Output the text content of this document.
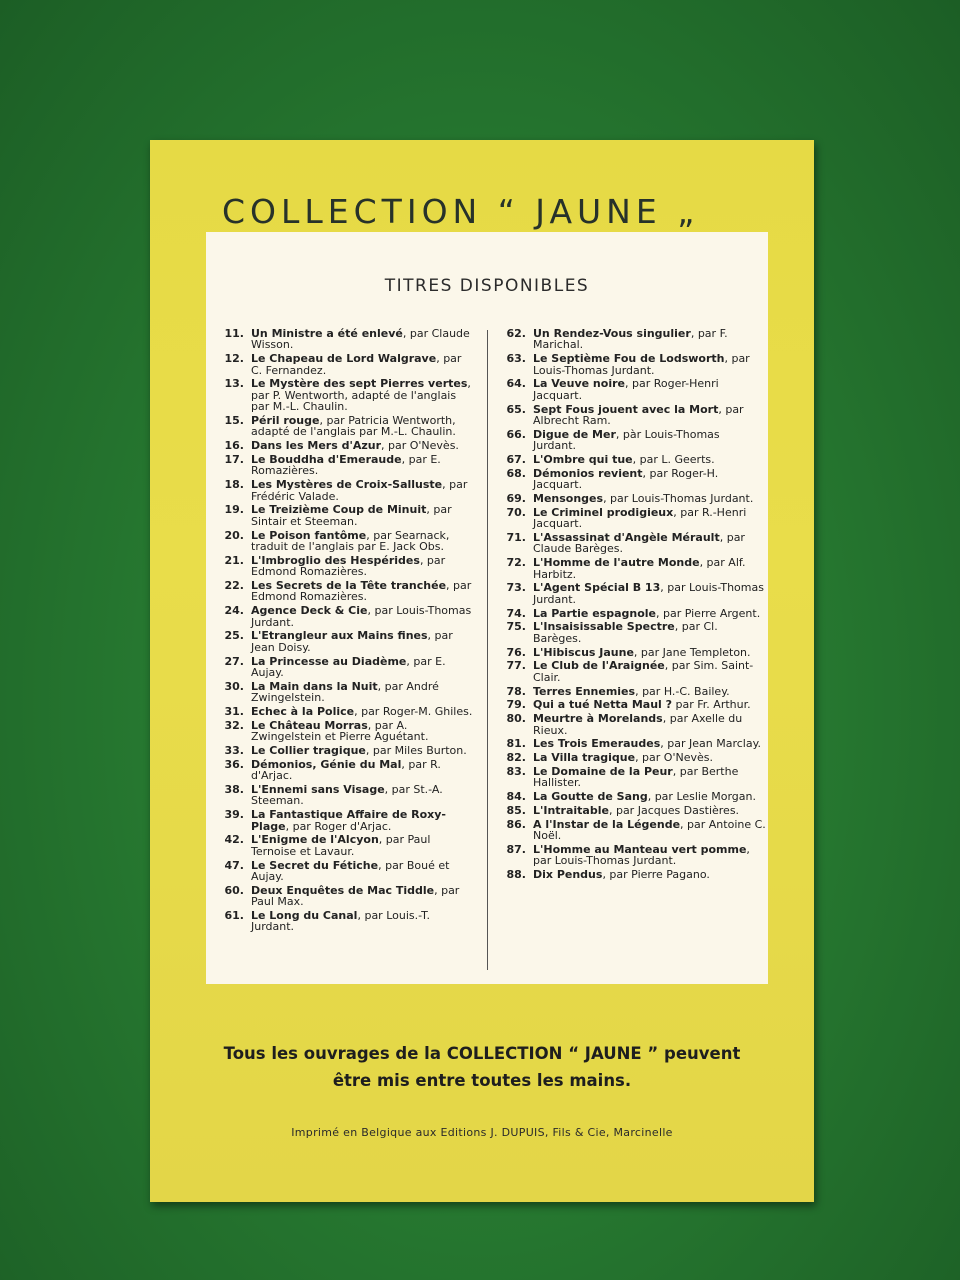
COLLECTION “ JAUNE „
TITRES DISPONIBLES
11. Un Ministre a été enlevé, par Claude Wisson.
12. Le Chapeau de Lord Walgrave, par C. Fernandez.
13. Le Mystère des sept Pierres vertes, par P. Wentworth, adapté de l'anglais par M.-L. Chaulin.
15. Péril rouge, par Patricia Wentworth, adapté de l'anglais par M.-L. Chaulin.
16. Dans les Mers d'Azur, par O'Nevès.
17. Le Bouddha d'Emeraude, par E. Romazières.
18. Les Mystères de Croix-Salluste, par Frédéric Valade.
19. Le Treizième Coup de Minuit, par Sintair et Steeman.
20. Le Poison fantôme, par Searnack, traduit de l'anglais par E. Jack Obs.
21. L'Imbroglio des Hespérides, par Edmond Romazières.
22. Les Secrets de la Tête tranchée, par Edmond Romazières.
24. Agence Deck & Cie, par Louis-Thomas Jurdant.
25. L'Etrangleur aux Mains fines, par Jean Doisy.
27. La Princesse au Diadème, par E. Aujay.
30. La Main dans la Nuit, par André Zwingelstein.
31. Echec à la Police, par Roger-M. Ghiles.
32. Le Château Morras, par A. Zwingelstein et Pierre Aguétant.
33. Le Collier tragique, par Miles Burton.
36. Démonios, Génie du Mal, par R. d'Arjac.
38. L'Ennemi sans Visage, par St.-A. Steeman.
39. La Fantastique Affaire de Roxy-Plage, par Roger d'Arjac.
42. L'Enigme de l'Alcyon, par Paul Ternoise et Lavaur.
47. Le Secret du Fétiche, par Boué et Aujay.
60. Deux Enquêtes de Mac Tiddle, par Paul Max.
61. Le Long du Canal, par Louis.-T. Jurdant.
62. Un Rendez-Vous singulier, par F. Marichal.
63. Le Septième Fou de Lodsworth, par Louis-Thomas Jurdant.
64. La Veuve noire, par Roger-Henri Jacquart.
65. Sept Fous jouent avec la Mort, par Albrecht Ram.
66. Digue de Mer, pàr Louis-Thomas Jurdant.
67. L'Ombre qui tue, par L. Geerts.
68. Démonios revient, par Roger-H. Jacquart.
69. Mensonges, par Louis-Thomas Jurdant.
70. Le Criminel prodigieux, par R.-Henri Jacquart.
71. L'Assassinat d'Angèle Mérault, par Claude Barèges.
72. L'Homme de l'autre Monde, par Alf. Harbitz.
73. L'Agent Spécial B 13, par Louis-Thomas Jurdant.
74. La Partie espagnole, par Pierre Argent.
75. L'Insaisissable Spectre, par Cl. Barèges.
76. L'Hibiscus Jaune, par Jane Templeton.
77. Le Club de l'Araignée, par Sim. Saint-Clair.
78. Terres Ennemies, par H.-C. Bailey.
79. Qui a tué Netta Maul ? par Fr. Arthur.
80. Meurtre à Morelands, par Axelle du Rieux.
81. Les Trois Emeraudes, par Jean Marclay.
82. La Villa tragique, par O'Nevès.
83. Le Domaine de la Peur, par Berthe Hallister.
84. La Goutte de Sang, par Leslie Morgan.
85. L'Intraitable, par Jacques Dastières.
86. A l'Instar de la Légende, par Antoine C. Noël.
87. L'Homme au Manteau vert pomme, par Louis-Thomas Jurdant.
88. Dix Pendus, par Pierre Pagano.
Tous les ouvrages de la COLLECTION “ JAUNE ” peuvent
être mis entre toutes les mains.
Imprimé en Belgique aux Editions J. DUPUIS, Fils & Cie, Marcinelle
